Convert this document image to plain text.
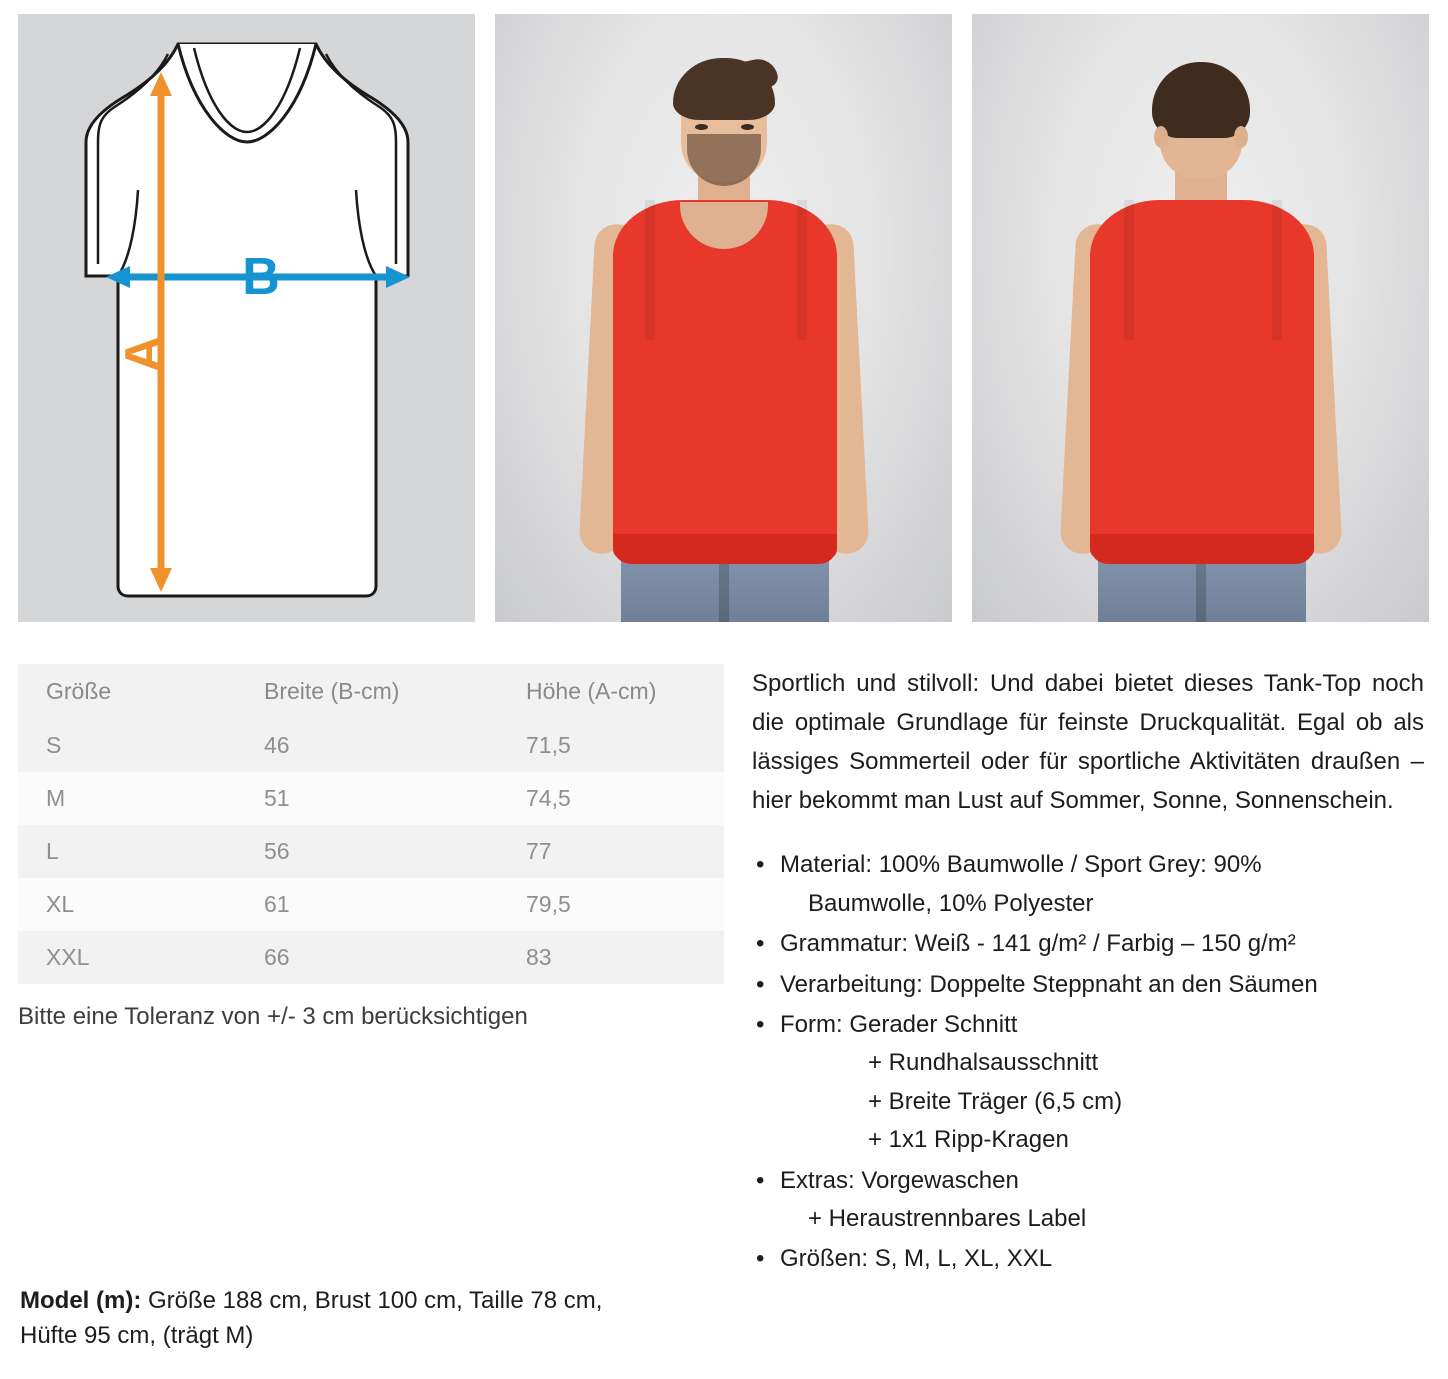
B
A
Größe	Breite (B-cm)	Höhe (A-cm)
S	46	71,5
M	51	74,5
L	56	77
XL	61	79,5
XXL	66	83
Bitte eine Toleranz von +/- 3 cm berücksichtigen
Model (m): Größe 188 cm, Brust 100 cm, Taille 78 cm,
Hüfte 95 cm, (trägt M)

Sportlich und stilvoll: Und dabei bietet dieses Tank-Top noch die optimale Grundlage für feinste Druckqualität. Egal ob als lässiges Sommerteil oder für sportliche Aktivitäten draußen – hier bekommt man Lust auf Sommer, Sonne, Sonnenschein.

• Material: 100% Baumwolle / Sport Grey: 90%
Baumwolle, 10% Polyester
• Grammatur: Weiß - 141 g/m² / Farbig – 150 g/m²
• Verarbeitung: Doppelte Steppnaht an den Säumen
• Form: Gerader Schnitt
+ Rundhalsausschnitt
+ Breite Träger (6,5 cm)
+ 1x1 Ripp-Kragen
• Extras: Vorgewaschen
+ Heraustrennbares Label
• Größen: S, M, L, XL, XXL
